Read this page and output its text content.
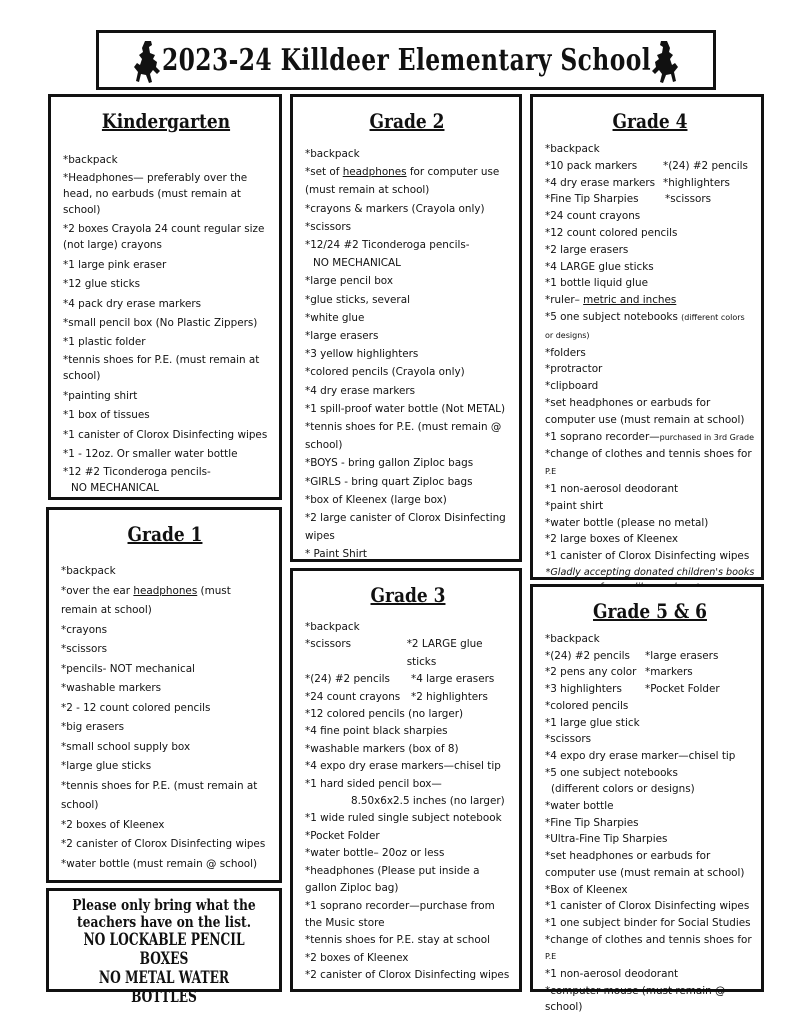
2023-24 Killdeer Elementary School
Kindergarten
*backpack
*Headphones— preferably over the head, no earbuds (must remain at school)
*2 boxes Crayola 24 count regular size (not large) crayons
*1 large pink eraser
*12 glue sticks
*4 pack dry erase markers
*small pencil box (No Plastic Zippers)
*1 plastic folder
*tennis shoes for P.E. (must remain at school)
*painting shirt
*1 box of tissues
*1 canister of Clorox Disinfecting wipes
*1 - 12oz. Or smaller water bottle
*12 #2 Ticonderoga pencils-
NO MECHANICAL
Grade 1
*backpack
*over the ear headphones (must remain at school)
*crayons
*scissors
*pencils- NOT mechanical
*washable markers
*2 - 12 count colored pencils
*big erasers
*small school supply box
*large glue sticks
*tennis shoes for P.E. (must remain at school)
*2 boxes of Kleenex
*2 canister of Clorox Disinfecting wipes
*water bottle (must remain @ school)
Please only bring what the
teachers have on the list.
NO LOCKABLE PENCIL BOXES
NO METAL WATER BOTTLES
Grade 2
*backpack
*set of headphones for computer use (must remain at school)
*crayons & markers (Crayola only)
*scissors
*12/24 #2 Ticonderoga pencils-
NO MECHANICAL
*large pencil box
*glue sticks, several
*white glue
*large erasers
*3 yellow highlighters
*colored pencils (Crayola only)
*4 dry erase markers
*1 spill-proof water bottle (Not METAL)
*tennis shoes for P.E. (must remain @ school)
*BOYS - bring gallon Ziploc bags
*GIRLS - bring quart Ziploc bags
*box of Kleenex (large box)
*2 large canister of Clorox Disinfecting wipes
* Paint Shirt
Grade 3
*backpack
*scissors	*2 LARGE glue sticks
*(24) #2 pencils	*4 large erasers
*24 count crayons	*2 highlighters
*12 colored pencils (no larger)
*4 fine point black sharpies
*washable markers (box of 8)
*4 expo dry erase markers—chisel tip
*1 hard sided pencil box—
8.50x6x2.5 inches (no larger)
*1 wide ruled single subject notebook
*Pocket Folder
*water bottle– 20oz or less
*headphones (Please put inside a gallon Ziploc bag)
*1 soprano recorder—purchase from the Music store
*tennis shoes for P.E. stay at school
*2 boxes of Kleenex
*2 canister of Clorox Disinfecting wipes
Grade 4
*backpack
*10 pack markers	*(24) #2 pencils
*4 dry erase markers *highlighters
*Fine Tip Sharpies	*scissors
*24 count crayons
*12 count colored pencils
*2 large erasers
*4 LARGE glue sticks
*1 bottle liquid glue
*ruler– metric and inches
*5 one subject notebooks (different colors or designs)
*folders
*protractor
*clipboard
*set headphones or earbuds for computer use (must remain at school)
*1 soprano recorder—purchased in 3rd Grade
*change of clothes and tennis shoes for P.E
*1 non-aerosol deodorant
*paint shirt
*water bottle (please no metal)
*2 large boxes of Kleenex
*1 canister of Clorox Disinfecting wipes
*Gladly accepting donated children's books
Grade 5 & 6
*backpack
*(24) #2 pencils	*large erasers
*2 pens any color *markers
*3 highlighters	*Pocket Folder
*colored pencils
*1 large glue stick
*scissors
*4 expo dry erase marker—chisel tip
*5 one subject notebooks
(different colors or designs)
*water bottle
*Fine Tip Sharpies
*Ultra-Fine Tip Sharpies
*set headphones or earbuds for computer use (must remain at school)
*Box of Kleenex
*1 canister of Clorox Disinfecting wipes
*1 one subject binder for Social Studies
*change of clothes and tennis shoes for P.E
*1 non-aerosol deodorant
*computer mouse (must remain @ school)
